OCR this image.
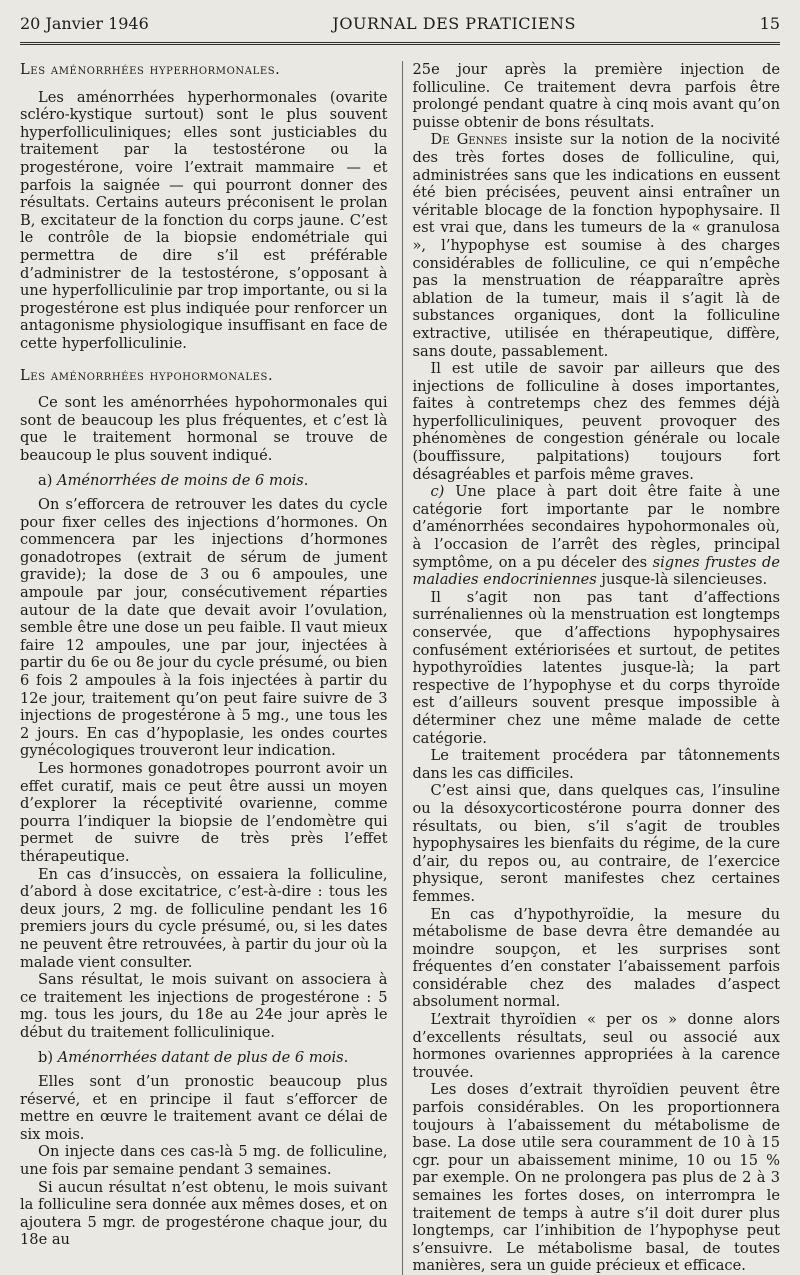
20 Janvier 1946	JOURNAL DES PRATICIENS	15

Les aménorrhées hyperhormonales.

Les aménorrhées hyperhormonales (ovarite scléro-kystique surtout) sont le plus souvent hyperfolliculiniques; elles sont justiciables du traitement par la testostérone ou la progestérone, voire l’extrait mammaire — et parfois la saignée — qui pourront donner des résultats. Certains auteurs préconisent le prolan B, excitateur de la fonction du corps jaune. C’est le contrôle de la biopsie endométriale qui permettra de dire s’il est préférable d’administrer de la testostérone, s’opposant à une hyperfolliculinie par trop importante, ou si la progestérone est plus indiquée pour renforcer un antagonisme physiologique insuffisant en face de cette hyperfolliculinie.

Les aménorrhées hypohormonales.

Ce sont les aménorrhées hypohormonales qui sont de beaucoup les plus fréquentes, et c’est là que le traitement hormonal se trouve de beaucoup le plus souvent indiqué.

a) Aménorrhées de moins de 6 mois.

On s’efforcera de retrouver les dates du cycle pour fixer celles des injections d’hormones. On commencera par les injections d’hormones gonadotropes (extrait de sérum de jument gravide); la dose de 3 ou 6 ampoules, une ampoule par jour, consécutivement réparties autour de la date que devait avoir l’ovulation, semble être une dose un peu faible. Il vaut mieux faire 12 ampoules, une par jour, injectées à partir du 6e ou 8e jour du cycle présumé, ou bien 6 fois 2 ampoules à la fois injectées à partir du 12e jour, traitement qu’on peut faire suivre de 3 injections de progestérone à 5 mg., une tous les 2 jours. En cas d’hypoplasie, les ondes courtes gynécologiques trouveront leur indication.

Les hormones gonadotropes pourront avoir un effet curatif, mais ce peut être aussi un moyen d’explorer la réceptivité ovarienne, comme pourra l’indiquer la biopsie de l’endomètre qui permet de suivre de très près l’effet thérapeutique.

En cas d’insuccès, on essaiera la folliculine, d’abord à dose excitatrice, c’est-à-dire : tous les deux jours, 2 mg. de folliculine pendant les 16 premiers jours du cycle présumé, ou, si les dates ne peuvent être retrouvées, à partir du jour où la malade vient consulter.

Sans résultat, le mois suivant on associera à ce traitement les injections de progestérone : 5 mg. tous les jours, du 18e au 24e jour après le début du traitement folliculinique.

b) Aménorrhées datant de plus de 6 mois.

Elles sont d’un pronostic beaucoup plus réservé, et en principe il faut s’efforcer de mettre en œuvre le traitement avant ce délai de six mois.

On injecte dans ces cas-là 5 mg. de folliculine, une fois par semaine pendant 3 semaines.

Si aucun résultat n’est obtenu, le mois suivant la folliculine sera donnée aux mêmes doses, et on ajoutera 5 mgr. de progestérone chaque jour, du 18e au

25e jour après la première injection de folliculine. Ce traitement devra parfois être prolongé pendant quatre à cinq mois avant qu’on puisse obtenir de bons résultats.

De Gennes insiste sur la notion de la nocivité des très fortes doses de folliculine, qui, administrées sans que les indications en eussent été bien précisées, peuvent ainsi entraîner un véritable blocage de la fonction hypophysaire. Il est vrai que, dans les tumeurs de la « granulosa », l’hypophyse est soumise à des charges considérables de folliculine, ce qui n’empêche pas la menstruation de réapparaître après ablation de la tumeur, mais il s’agit là de substances organiques, dont la folliculine extractive, utilisée en thérapeutique, diffère, sans doute, passablement.

Il est utile de savoir par ailleurs que des injections de folliculine à doses importantes, faites à contretemps chez des femmes déjà hyperfolliculiniques, peuvent provoquer des phénomènes de congestion générale ou locale (bouffissure, palpitations) toujours fort désagréables et parfois même graves.

c) Une place à part doit être faite à une catégorie fort importante par le nombre d’aménorrhées secondaires hypohormonales où, à l’occasion de l’arrêt des règles, principal symptôme, on a pu déceler des signes frustes de maladies endocriniennes jusque-là silencieuses.

Il s’agit non pas tant d’affections surrénaliennes où la menstruation est longtemps conservée, que d’affections hypophysaires confusément extériorisées et surtout, de petites hypothyroïdies latentes jusque-là; la part respective de l’hypophyse et du corps thyroïde est d’ailleurs souvent presque impossible à déterminer chez une même malade de cette catégorie.

Le traitement procédera par tâtonnements dans les cas difficiles.

C’est ainsi que, dans quelques cas, l’insuline ou la désoxycorticostérone pourra donner des résultats, ou bien, s’il s’agit de troubles hypophysaires les bienfaits du régime, de la cure d’air, du repos ou, au contraire, de l’exercice physique, seront manifestes chez certaines femmes.

En cas d’hypothyroïdie, la mesure du métabolisme de base devra être demandée au moindre soupçon, et les surprises sont fréquentes d’en constater l’abaissement parfois considérable chez des malades d’aspect absolument normal.

L’extrait thyroïdien « per os » donne alors d’excellents résultats, seul ou associé aux hormones ovariennes appropriées à la carence trouvée.

Les doses d’extrait thyroïdien peuvent être parfois considérables. On les proportionnera toujours à l’abaissement du métabolisme de base. La dose utile sera couramment de 10 à 15 cgr. pour un abaissement minime, 10 ou 15 % par exemple. On ne prolongera pas plus de 2 à 3 semaines les fortes doses, on interrompra le traitement de temps à autre s’il doit durer plus longtemps, car l’inhibition de l’hypophyse peut s’ensuivre. Le métabolisme basal, de toutes manières, sera un guide précieux et efficace.
